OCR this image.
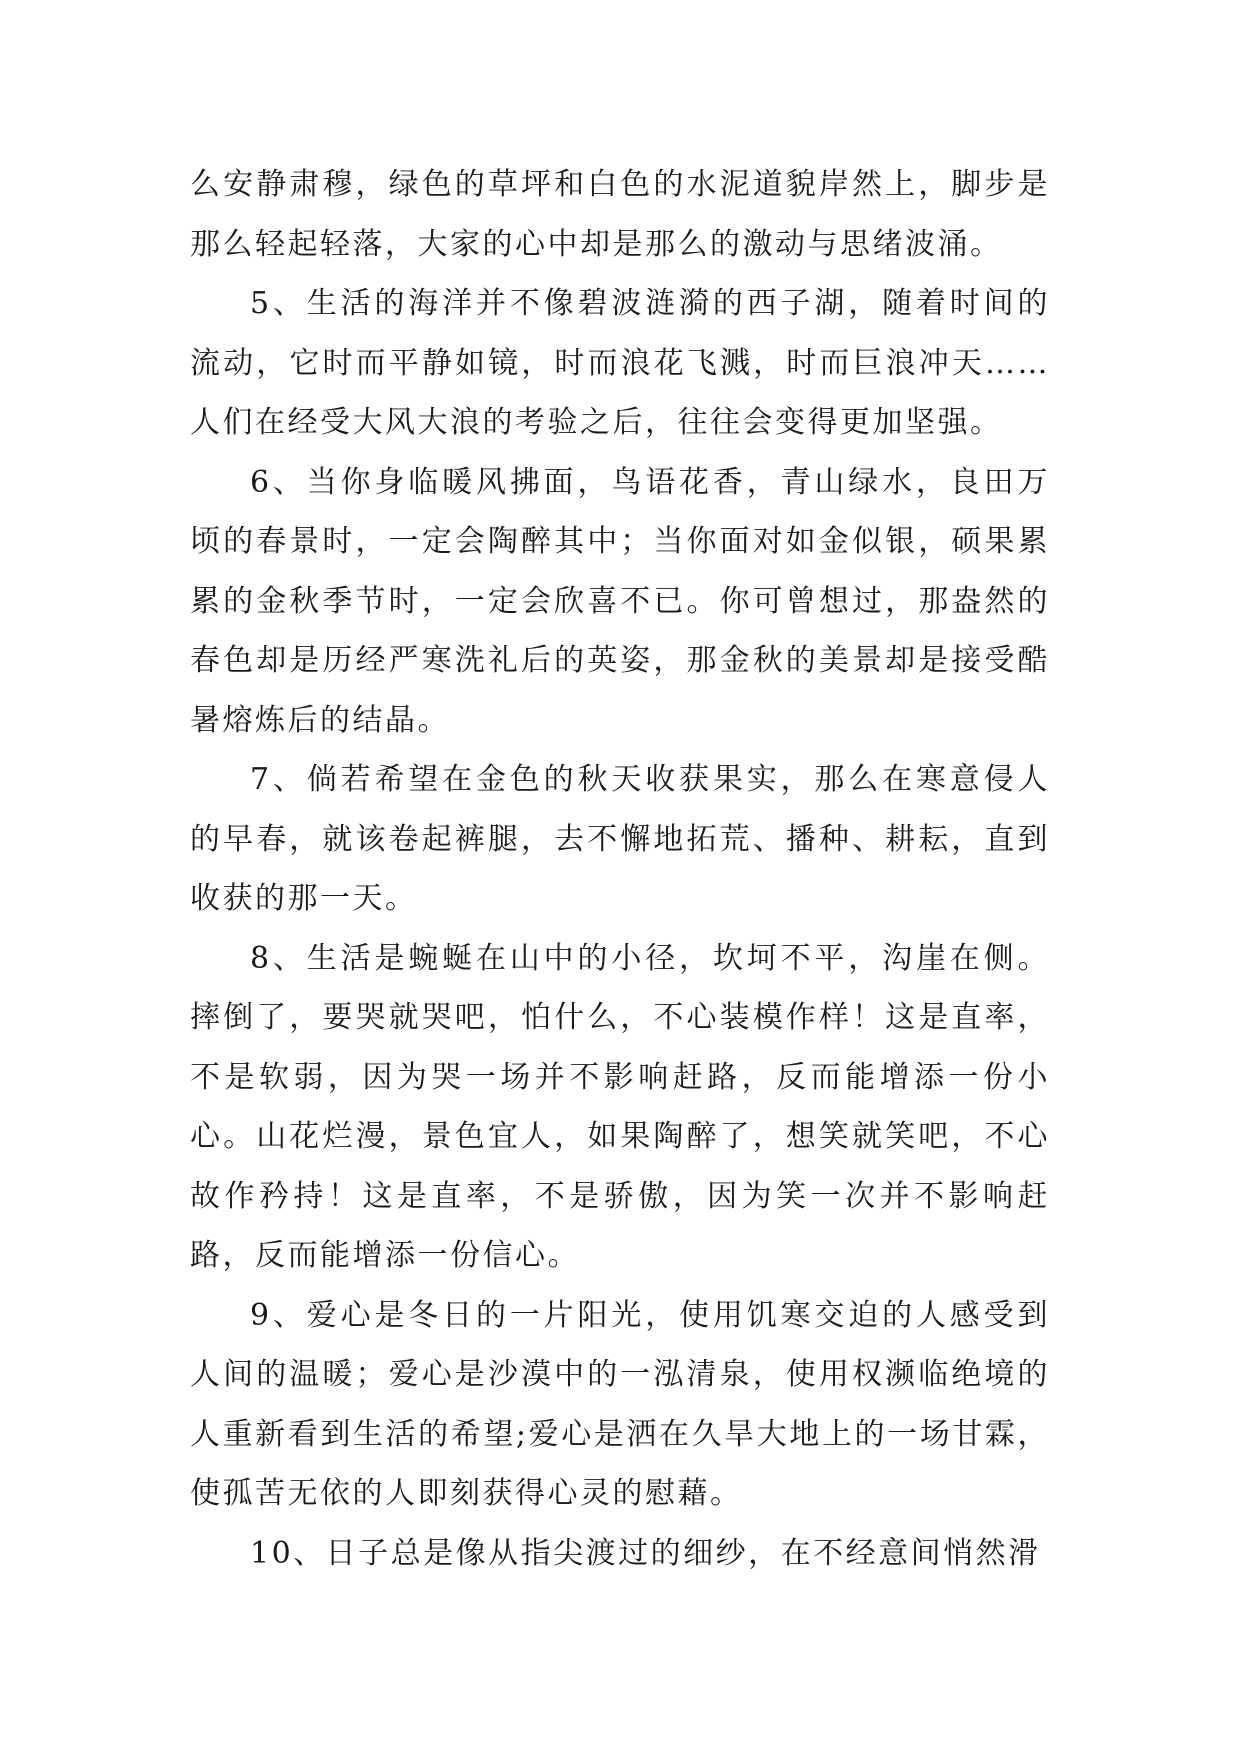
么安静肃穆，绿色的草坪和白色的水泥道貌岸然上，脚步是那么轻起轻落，大家的心中却是那么的激动与思绪波涌。

5、生活的海洋并不像碧波涟漪的西子湖，随着时间的流动，它时而平静如镜，时而浪花飞溅，时而巨浪冲天……人们在经受大风大浪的考验之后，往往会变得更加坚强。

6、当你身临暖风拂面，鸟语花香，青山绿水，良田万顷的春景时，一定会陶醉其中；当你面对如金似银，硕果累累的金秋季节时，一定会欣喜不已。你可曾想过，那盎然的春色却是历经严寒洗礼后的英姿，那金秋的美景却是接受酷暑熔炼后的结晶。

7、倘若希望在金色的秋天收获果实，那么在寒意侵人的早春，就该卷起裤腿，去不懈地拓荒、播种、耕耘，直到收获的那一天。

8、生活是蜿蜒在山中的小径，坎坷不平，沟崖在侧。摔倒了，要哭就哭吧，怕什么，不心装模作样！这是直率，不是软弱，因为哭一场并不影响赶路，反而能增添一份小心。山花烂漫，景色宜人，如果陶醉了，想笑就笑吧，不心故作矜持！这是直率，不是骄傲，因为笑一次并不影响赶路，反而能增添一份信心。

9、爱心是冬日的一片阳光，使用饥寒交迫的人感受到人间的温暖；爱心是沙漠中的一泓清泉，使用权濒临绝境的人重新看到生活的希望;爱心是洒在久旱大地上的一场甘霖，使孤苦无依的人即刻获得心灵的慰藉。

10、日子总是像从指尖渡过的细纱，在不经意间悄然滑
